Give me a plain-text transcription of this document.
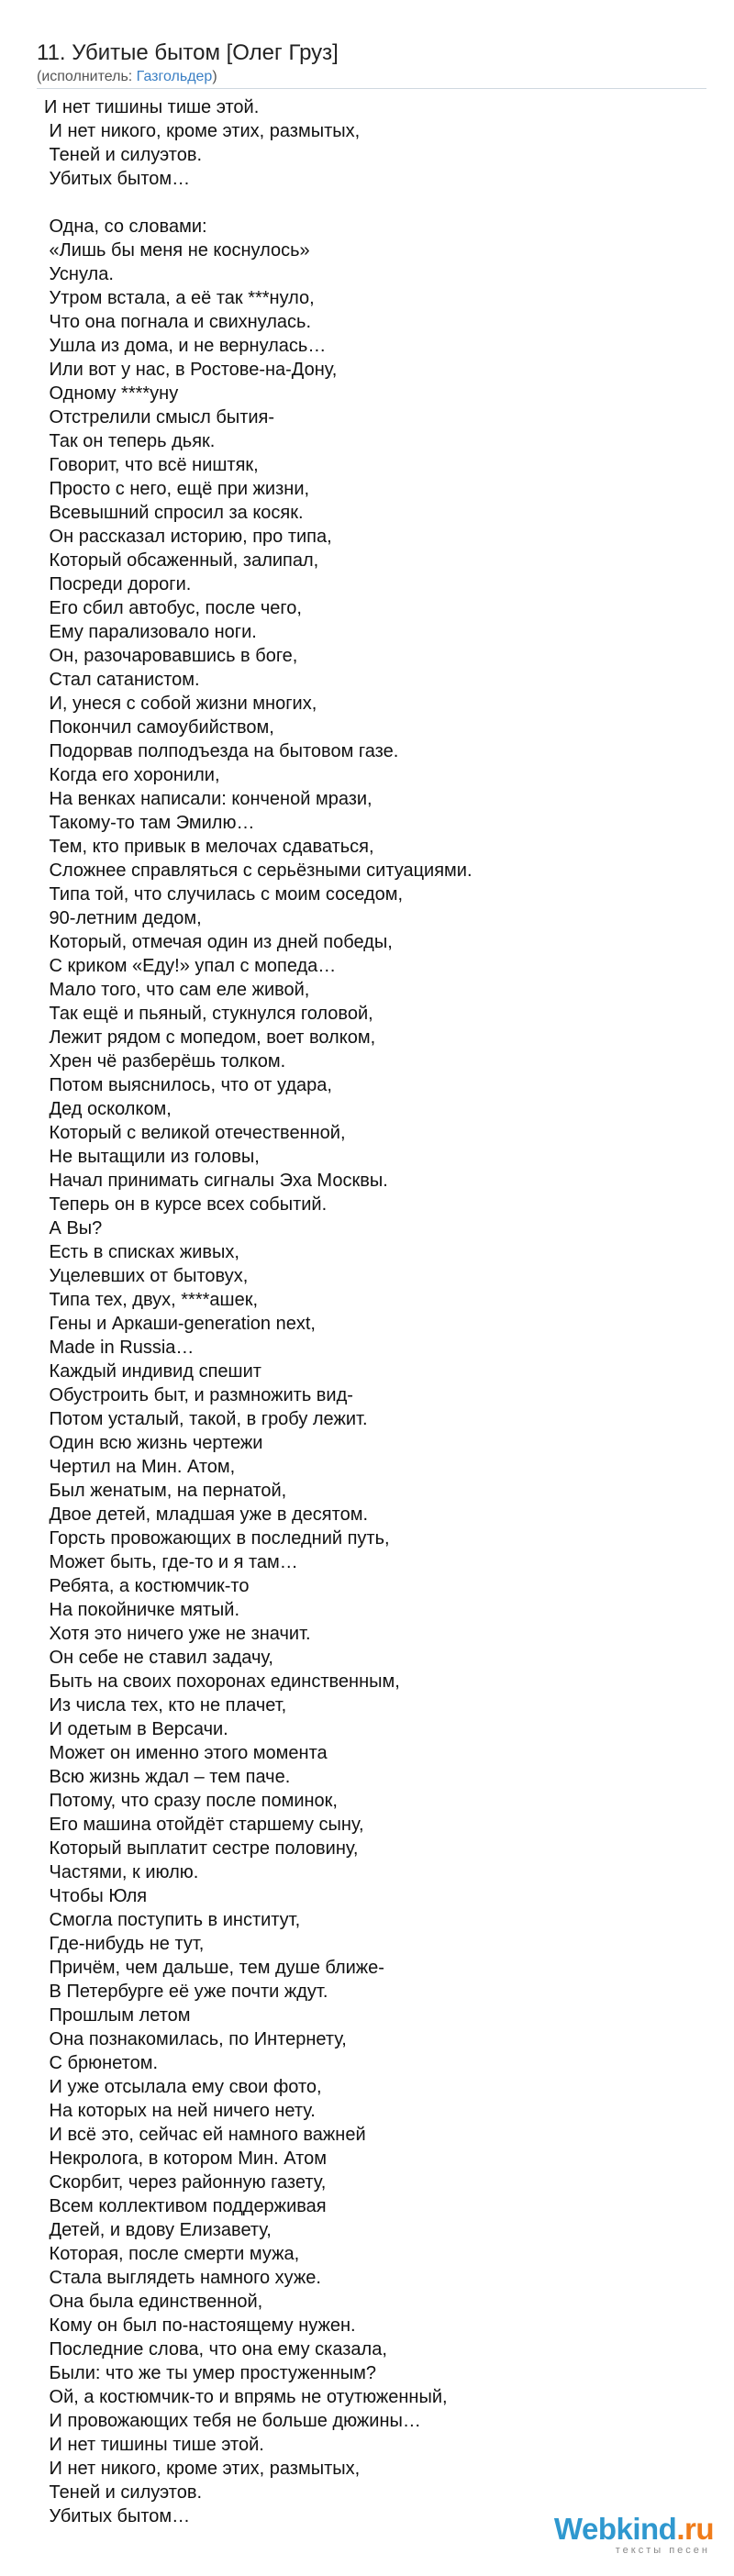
11. Убитые бытом [Олег Груз]
(исполнитель: Газгольдер)
И нет тишины тише этой.
И нет никого, кроме этих, размытых,
Теней и силуэтов.
Убитых бытом…
Одна, со словами:
«Лишь бы меня не коснулось»
Уснула.
Утром встала, а её так ***нуло,
Что она погнала и свихнулась.
Ушла из дома, и не вернулась…
Или вот у нас, в Ростове-на-Дону,
Одному ****уну
Отстрелили смысл бытия-
Так он теперь дьяк.
Говорит, что всё ништяк,
Просто с него, ещё при жизни,
Всевышний спросил за косяк.
Он рассказал историю, про типа,
Который обсаженный, залипал,
Посреди дороги.
Его сбил автобус, после чего,
Ему парализовало ноги.
Он, разочаровавшись в боге,
Стал сатанистом.
И, унеся с собой жизни многих,
Покончил самоубийством,
Подорвав полподъезда на бытовом газе.
Когда его хоронили,
На венках написали: конченой мрази,
Такому-то там Эмилю…
Тем, кто привык в мелочах сдаваться,
Сложнее справляться с серьёзными ситуациями.
Типа той, что случилась с моим соседом,
90-летним дедом,
Который, отмечая один из дней победы,
С криком «Еду!» упал с мопеда…
Мало того, что сам еле живой,
Так ещё и пьяный, стукнулся головой,
Лежит рядом с мопедом, воет волком,
Хрен чё разберёшь толком.
Потом выяснилось, что от удара,
Дед осколком,
Который с великой отечественной,
Не вытащили из головы,
Начал принимать сигналы Эха Москвы.
Теперь он в курсе всех событий.
А Вы?
Есть в списках живых,
Уцелевших от бытовух,
Типа тех, двух, ****ашек,
Гены и Аркаши-generation next,
Made in Russia…
Каждый индивид спешит
Обустроить быт, и размножить вид-
Потом усталый, такой, в гробу лежит.
Один всю жизнь чертежи
Чертил на Мин. Атом,
Был женатым, на пернатой,
Двое детей, младшая уже в десятом.
Горсть провожающих в последний путь,
Может быть, где-то и я там…
Ребята, а костюмчик-то
На покойничке мятый.
Хотя это ничего уже не значит.
Он себе не ставил задачу,
Быть на своих похоронах единственным,
Из числа тех, кто не плачет,
И одетым в Версачи.
Может он именно этого момента
Всю жизнь ждал – тем паче.
Потому, что сразу после поминок,
Его машина отойдёт старшему сыну,
Который выплатит сестре половину,
Частями, к июлю.
Чтобы Юля
Смогла поступить в институт,
Где-нибудь не тут,
Причём, чем дальше, тем душе ближе-
В Петербурге её уже почти ждут.
Прошлым летом
Она познакомилась, по Интернету,
С брюнетом.
И уже отсылала ему свои фото,
На которых на ней ничего нету.
И всё это, сейчас ей намного важней
Некролога, в котором Мин. Атом
Скорбит, через районную газету,
Всем коллективом поддерживая
Детей, и вдову Елизавету,
Которая, после смерти мужа,
Стала выглядеть намного хуже.
Она была единственной,
Кому он был по-настоящему нужен.
Последние слова, что она ему сказала,
Были: что же ты умер простуженным?
Ой, а костюмчик-то и впрямь не отутюженный,
И провожающих тебя не больше дюжины…
И нет тишины тише этой.
И нет никого, кроме этих, размытых,
Теней и силуэтов.
Убитых бытом…	Webkind.ru
тексты песен
